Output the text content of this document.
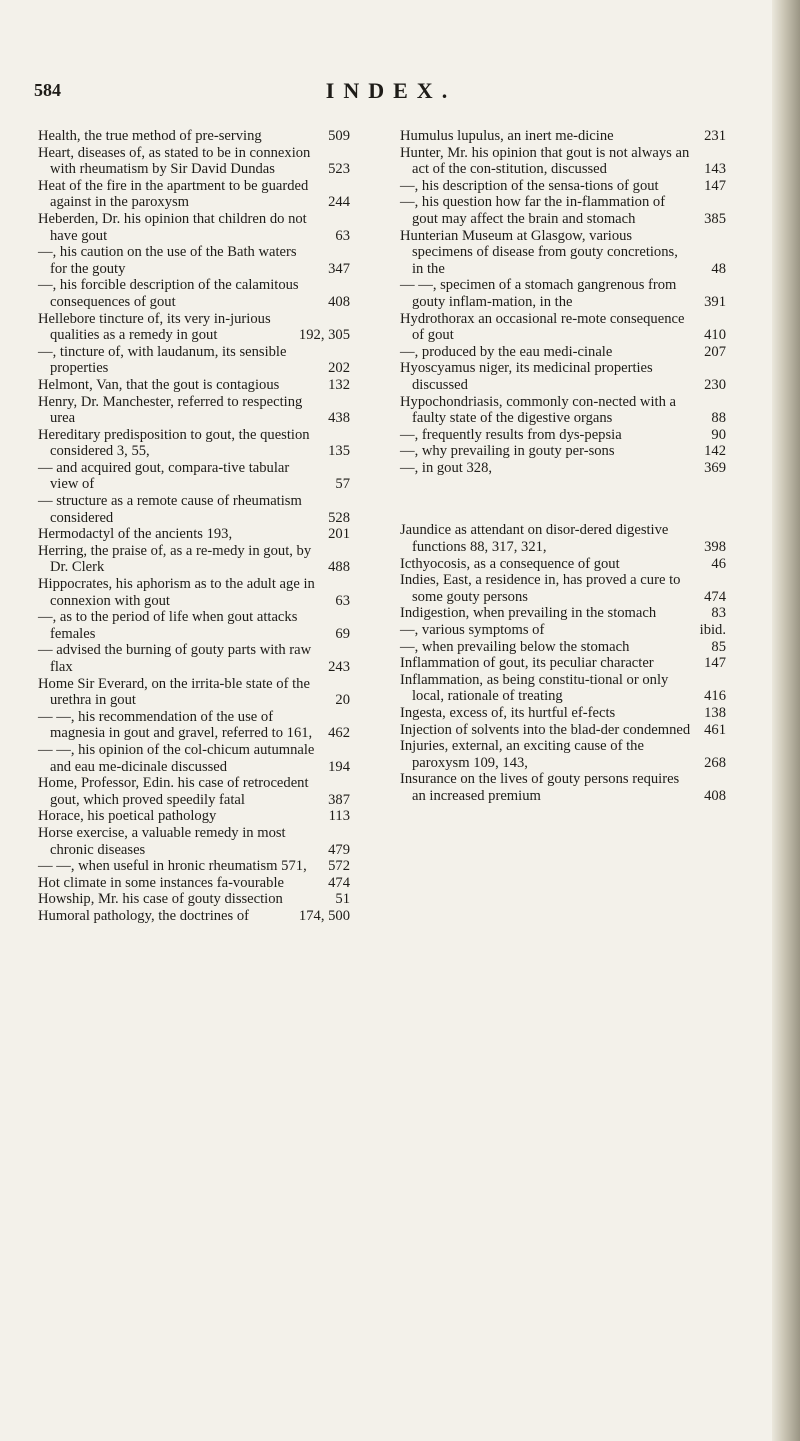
584	INDEX.
Health, the true method of pre-serving	509
Heart, diseases of, as stated to be in connexion with rheumatism by Sir David Dundas	523
Heat of the fire in the apartment to be guarded against in the paroxysm	244
Heberden, Dr. his opinion that children do not have gout	63
—, his caution on the use of the Bath waters for the gouty	347
—, his forcible description of the calamitous consequences of gout	408
Hellebore tincture of, its very in-jurious qualities as a remedy in gout	192, 305
—, tincture of, with laudanum, its sensible properties	202
Helmont, Van, that the gout is contagious	132
Henry, Dr. Manchester, referred to respecting urea	438
Hereditary predisposition to gout, the question considered 3, 55,	135
— and acquired gout, compara-tive tabular view of	57
— structure as a remote cause of rheumatism considered	528
Hermodactyl of the ancients 193,	201
Herring, the praise of, as a re-medy in gout, by Dr. Clerk	488
Hippocrates, his aphorism as to the adult age in connexion with gout	63
—, as to the period of life when gout attacks females	69
— advised the burning of gouty parts with raw flax	243
Home Sir Everard, on the irrita-ble state of the urethra in gout	20
— —, his recommendation of the use of magnesia in gout and gravel, referred to 161,	462
— —, his opinion of the col-chicum autumnale and eau me-dicinale discussed	194
Home, Professor, Edin. his case of retrocedent gout, which proved speedily fatal	387
Horace, his poetical pathology	113
Horse exercise, a valuable remedy in most chronic diseases	479
— —, when useful in hronic rheumatism 571,	572
Hot climate in some instances fa-vourable	474
Howship, Mr. his case of gouty dissection	51
Humoral pathology, the doctrines of	174, 500
Humulus lupulus, an inert me-dicine	231
Hunter, Mr. his opinion that gout is not always an act of the con-stitution, discussed	143
—, his description of the sensa-tions of gout	147
—, his question how far the in-flammation of gout may affect the brain and stomach	385
Hunterian Museum at Glasgow, various specimens of disease from gouty concretions, in the	48
— —, specimen of a stomach gangrenous from gouty inflam-mation, in the	391
Hydrothorax an occasional re-mote consequence of gout	410
—, produced by the eau medi-cinale	207
Hyoscyamus niger, its medicinal properties discussed	230
Hypochondriasis, commonly con-nected with a faulty state of the digestive organs	88
—, frequently results from dys-pepsia	90
—, why prevailing in gouty per-sons	142
—, in gout 328,	369
Jaundice as attendant on disor-dered digestive functions 88, 317, 321,	398
Icthyocosis, as a consequence of gout	46
Indies, East, a residence in, has proved a cure to some gouty persons	474
Indigestion, when prevailing in the stomach	83
—, various symptoms of	ibid.
—, when prevailing below the stomach	85
Inflammation of gout, its peculiar character	147
Inflammation, as being constitu-tional or only local, rationale of treating	416
Ingesta, excess of, its hurtful ef-fects	138
Injection of solvents into the blad-der condemned 461
Injuries, external, an exciting cause of the paroxysm 109, 143,	268
Insurance on the lives of gouty persons requires an increased premium	408
